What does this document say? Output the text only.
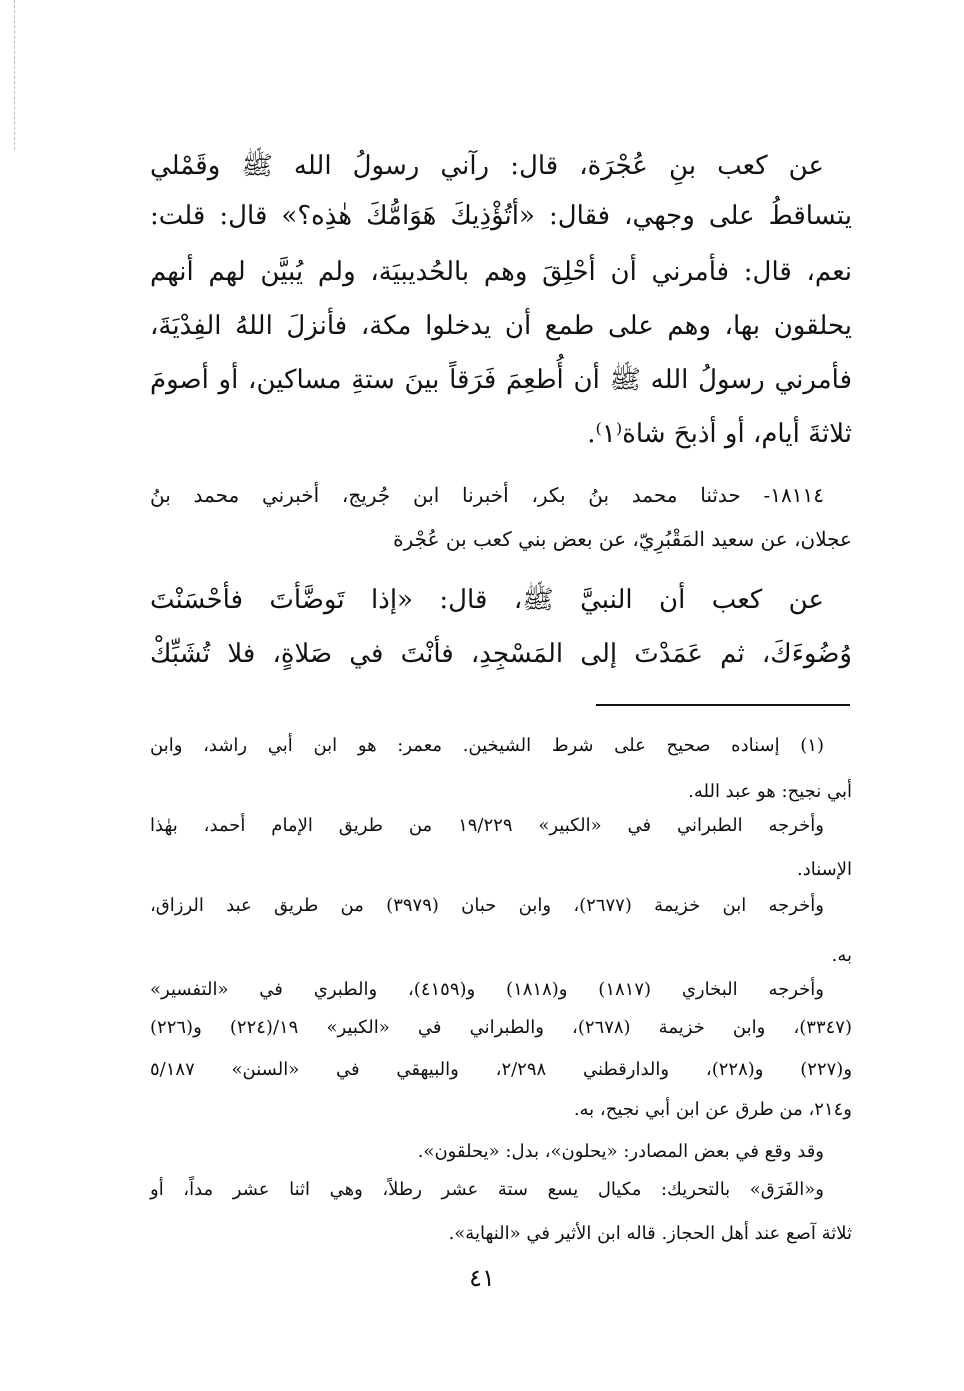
عن كعب بنِ عُجْرَة، قال: رآني رسولُ الله ﷺ وقَمْلي
يتساقطُ على وجهي، فقال: «أتُؤْذِيكَ هَوَامُّكَ هٰذِه؟» قال: قلت:
نعم، قال: فأمرني أن أحْلِقَ وهم بالحُديبيَة، ولم يُبيَّن لهم أنهم
يحلقون بها، وهم على طمع أن يدخلوا مكة، فأنزلَ اللهُ الفِدْيَةَ،
فأمرني رسولُ الله ﷺ أن أُطعِمَ فَرَقاً بينَ ستةِ مساكين، أو أصومَ
ثلاثةَ أيام، أو أذبحَ شاة⁽١⁾.
١٨١١٤- حدثنا محمد بنُ بكر، أخبرنا ابن جُريج، أخبرني محمد بنُ
عجلان، عن سعيد المَقْبُرِيّ، عن بعض بني كعب بن عُجْرة
عن كعب أن النبيَّ ﷺ، قال: «إذا تَوضَّأتَ فأحْسَنْتَ
وُضُوءَكَ، ثم عَمَدْتَ إلى المَسْجِدِ، فأنْتَ في صَلاةٍ، فلا تُشَبِّكْ
(١) إسناده صحيح على شرط الشيخين. معمر: هو ابن أبي راشد، وابن
أبي نجيح: هو عبد الله.
وأخرجه الطبراني في «الكبير» ١٩/٢٢٩ من طريق الإمام أحمد، بهٰذا
الإسناد.
وأخرجه ابن خزيمة (٢٦٧٧)، وابن حبان (٣٩٧٩) من طريق عبد الرزاق،
به.
وأخرجه البخاري (١٨١٧) و(١٨١٨) و(٤١٥٩)، والطبري في «التفسير»
(٣٣٤٧)، وابن خزيمة (٢٦٧٨)، والطبراني في «الكبير» ١٩/(٢٢٤) و(٢٢٦)
و(٢٢٧) و(٢٢٨)، والدارقطني ٢/٢٩٨، والبيهقي في «السنن» ٥/١٨٧
و٢١٤، من طرق عن ابن أبي نجيح، به.
وقد وقع في بعض المصادر: «يحلون»، بدل: «يحلقون».
و«الفَرَق» بالتحريك: مكيال يسع ستة عشر رطلاً، وهي اثنا عشر مداً، أو
ثلاثة آصع عند أهل الحجاز. قاله ابن الأثير في «النهاية».
٤١
